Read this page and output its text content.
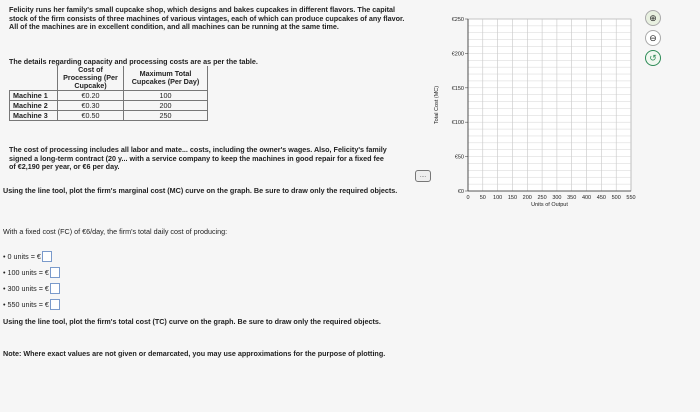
Felicity runs her family's small cupcake shop, which designs and bakes cupcakes in different flavors. The capital stock of the firm consists of three machines of various vintages, each of which can produce cupcakes of any flavor. All of the machines are in excellent condition, and all machines can be running at the same time.

The details regarding capacity and processing costs are as per the table.

	Cost of Processing (Per Cupcake)	Maximum Total Cupcakes (Per Day)
Machine 1	€0.20	100
Machine 2	€0.30	200
Machine 3	€0.50	250

The cost of processing includes all labor and mate... costs, including the owner's wages. Also, Felicity's family signed a long-term contract (20 y... with a service company to keep the machines in good repair for a fixed fee of €2,190 per year, or €6 per day.

Using the line tool, plot the firm's marginal cost (MC) curve on the graph. Be sure to draw only the required objects.

With a fixed cost (FC) of €6/day, the firm's total daily cost of producing:

• 0 units = €
• 100 units = €
• 300 units = €
• 550 units = €

Using the line tool, plot the firm's total cost (TC) curve on the graph. Be sure to draw only the required objects.

Note: Where exact values are not given or demarcated, you may use approximations for the purpose of plotting.

....
0 50 100 150 200 250 300 350 400 450 500 550
€0
€50
€100
€150
€200
€250
Units of Output
Total Cost (MC)
⊕
⊖
↺
